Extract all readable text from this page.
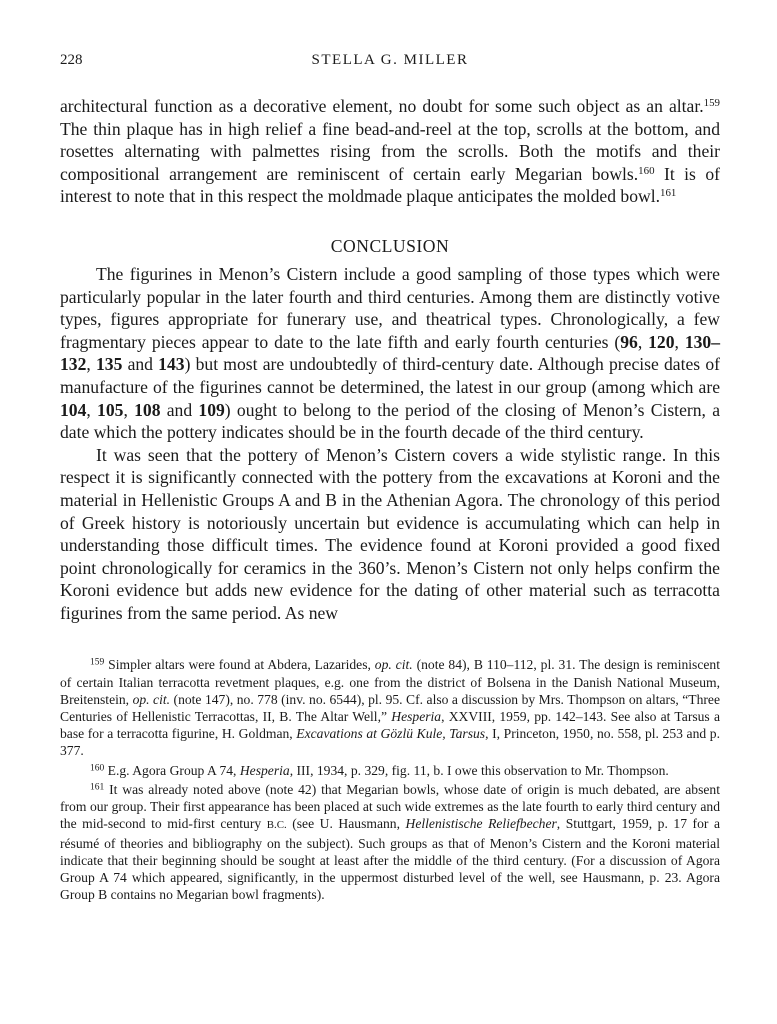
228	STELLA G. MILLER

architectural function as a decorative element, no doubt for some such object as an altar.$^{159}$ The thin plaque has in high relief a fine bead-and-reel at the top, scrolls at the bottom, and rosettes alternating with palmettes rising from the scrolls. Both the motifs and their compositional arrangement are reminiscent of certain early Megarian bowls.$^{160}$ It is of interest to note that in this respect the moldmade plaque anticipates the molded bowl.$^{161}$

CONCLUSION

The figurines in Menon’s Cistern include a good sampling of those types which were particularly popular in the later fourth and third centuries. Among them are distinctly votive types, figures appropriate for funerary use, and theatrical types. Chronologically, a few fragmentary pieces appear to date to the late fifth and early fourth centuries (96, 120, 130–132, 135 and 143) but most are undoubtedly of third-century date. Although precise dates of manufacture of the figurines cannot be determined, the latest in our group (among which are 104, 105, 108 and 109) ought to belong to the period of the closing of Menon’s Cistern, a date which the pottery indicates should be in the fourth decade of the third century.

It was seen that the pottery of Menon’s Cistern covers a wide stylistic range. In this respect it is significantly connected with the pottery from the excavations at Koroni and the material in Hellenistic Groups A and B in the Athenian Agora. The chronology of this period of Greek history is notoriously uncertain but evidence is accumulating which can help in understanding those difficult times. The evidence found at Koroni provided a good fixed point chronologically for ceramics in the 360’s. Menon’s Cistern not only helps confirm the Koroni evidence but adds new evidence for the dating of other material such as terracotta figurines from the same period. As new

$^{159}$ Simpler altars were found at Abdera, Lazarides, op. cit. (note 84), B 110–112, pl. 31. The design is reminiscent of certain Italian terracotta revetment plaques, e.g. one from the district of Bolsena in the Danish National Museum, Breitenstein, op. cit. (note 147), no. 778 (inv. no. 6544), pl. 95. Cf. also a discussion by Mrs. Thompson on altars, “Three Centuries of Hellenistic Terracottas, II, B. The Altar Well,” Hesperia, XXVIII, 1959, pp. 142–143. See also at Tarsus a base for a terracotta figurine, H. Goldman, Excavations at Gözlü Kule, Tarsus, I, Princeton, 1950, no. 558, pl. 253 and p. 377.

$^{160}$ E.g. Agora Group A 74, Hesperia, III, 1934, p. 329, fig. 11, b. I owe this observation to Mr. Thompson.

$^{161}$ It was already noted above (note 42) that Megarian bowls, whose date of origin is much debated, are absent from our group. Their first appearance has been placed at such wide extremes as the late fourth to early third century and the mid-second to mid-first century B.C. (see U. Hausmann, Hellenistische Reliefbecher, Stuttgart, 1959, p. 17 for a résumé of theories and bibliography on the subject). Such groups as that of Menon’s Cistern and the Koroni material indicate that their beginning should be sought at least after the middle of the third century. (For a discussion of Agora Group A 74 which appeared, significantly, in the uppermost disturbed level of the well, see Hausmann, p. 23. Agora Group B contains no Megarian bowl fragments).
